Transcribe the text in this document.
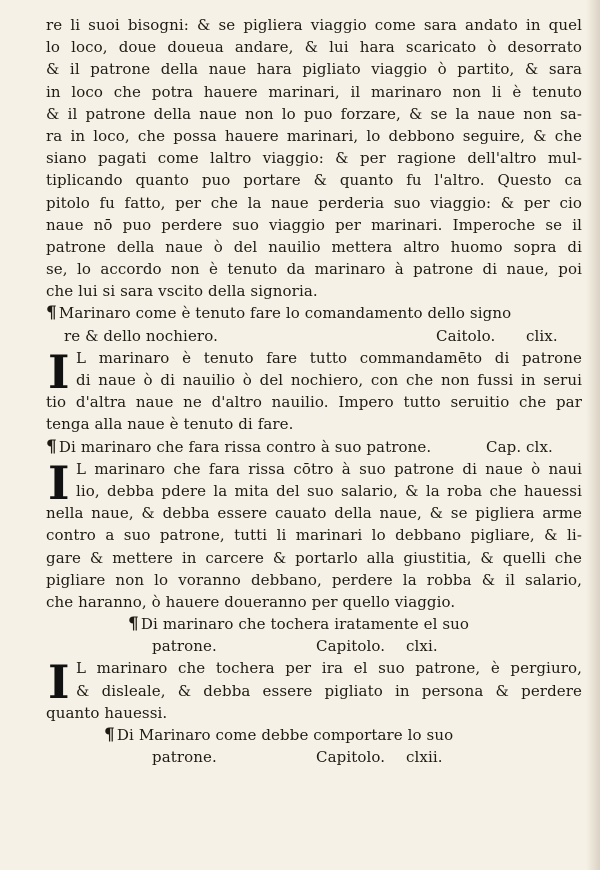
re li suoi bisogni: & se pigliera viaggio come sara andato in quel
lo loco, doue doueua andare, & lui hara scaricato ò desorrato
& il patrone della naue hara pigliato viaggio ò partito, & sara
in loco che potra hauere marinari, il marinaro non li è tenuto
& il patrone della naue non lo puo forzare, & se la naue non sa-
ra in loco, che possa hauere marinari, lo debbono seguire, & che
siano pagati come laltro viaggio: & per ragione dell'altro mul-
tiplicando quanto puo portare & quanto fu l'altro. Questo ca
pitolo fu fatto, per che la naue perderia suo viaggio: & per cio
naue nō puo perdere suo viaggio per marinari. Imperoche se il
patrone della naue ò del nauilio mettera altro huomo sopra di
se, lo accordo non è tenuto da marinaro à patrone di naue, poi
che lui si sara vscito della signoria.
¶ Marinaro come è tenuto fare lo comandamento dello signo
re & dello nochiero.	Caitolo. clix.
I L marinaro è tenuto fare tutto commandamēto di patrone
di naue ò di nauilio ò del nochiero, con che non fussi in serui
tio d'altra naue ne d'altro nauilio. Impero tutto seruitio che par
tenga alla naue è tenuto di fare.
¶ Di marinaro che fara rissa contro à suo patrone.	Cap. clx.
I L marinaro che fara rissa cōtro à suo patrone di naue ò naui
lio, debba pdere la mita del suo salario, & la roba che hauessi
nella naue, & debba essere cauato della naue, & se pigliera arme
contro a suo patrone, tutti li marinari lo debbano pigliare, & li-
gare & mettere in carcere & portarlo alla giustitia, & quelli che
pigliare non lo voranno debbano, perdere la robba & il salario,
che haranno, ò hauere doueranno per quello viaggio.
¶ Di marinaro che tochera iratamente el suo
patrone.	Capitolo. clxi.
I L marinaro che tochera per ira el suo patrone, è pergiuro,
& disleale, & debba essere pigliato in persona & perdere
quanto hauessi.
¶ Di Marinaro come debbe comportare lo suo
patrone.	Capitolo. clxii.
